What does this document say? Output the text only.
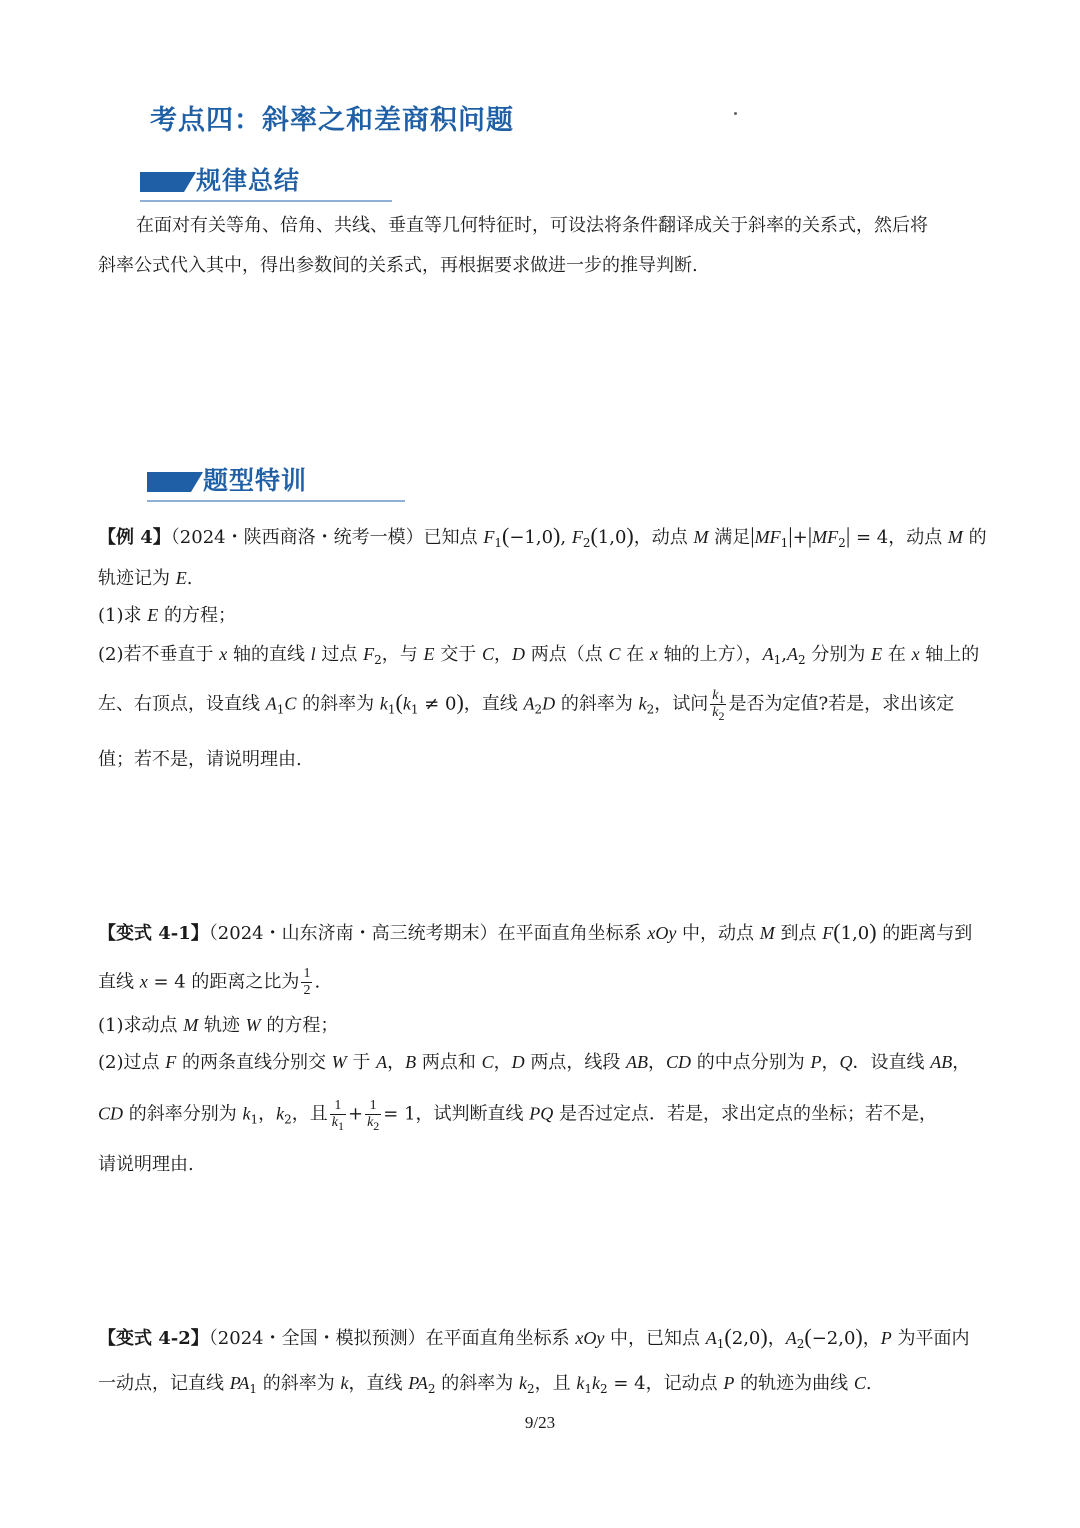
考点四：斜率之和差商积问题
规律总结
在面对有关等角、倍角、共线、垂直等几何特征时，可设法将条件翻译成关于斜率的关系式，然后将
斜率公式代入其中，得出参数间的关系式，再根据要求做进一步的推导判断.
题型特训
【例 4】（2024・陕西商洛・统考一模）已知点 $F_1(-1,0)$, $F_2(1,0)$，动点 M 满足$|MF_1|+|MF_2| = 4$，动点 M 的
轨迹记为 E.
(1)求 E 的方程；
(2)若不垂直于 x 轴的直线 l 过点 $F_2$，与 E 交于 C，D 两点（点 C 在 x 轴的上方），$A_1,A_2$ 分别为 E 在 x 轴上的
左、右顶点，设直线 $A_1C$ 的斜率为 $k_1(k_1 \ne 0)$，直线 $A_2D$ 的斜率为 $k_2$，试问 $\frac{k_1}{k_2}$ 是否为定值?若是，求出该定
值；若不是，请说明理由.
【变式 4-1】（2024・山东济南・高三统考期末）在平面直角坐标系 xOy 中，动点 M 到点 F(1,0) 的距离与到
直线 x = 4 的距离之比为 $\frac{1}{2}$ .
(1)求动点 M 轨迹 W 的方程；
(2)过点 F 的两条直线分别交 W 于 A，B 两点和 C，D 两点，线段 AB，CD 的中点分别为 P，Q．设直线 AB，
CD 的斜率分别为 $k_1$，$k_2$，且 $\frac{1}{k_1} + \frac{1}{k_2} = 1$，试判断直线 PQ 是否过定点．若是，求出定点的坐标；若不是，
请说明理由.
【变式 4-2】（2024・全国・模拟预测）在平面直角坐标系 xOy 中，已知点 $A_1(2,0)$，$A_2(-2,0)$，P 为平面内
一动点，记直线 $PA_1$ 的斜率为 k，直线 $PA_2$ 的斜率为 $k_2$，且 $k_1k_2 = 4$，记动点 P 的轨迹为曲线 C.
9/23
